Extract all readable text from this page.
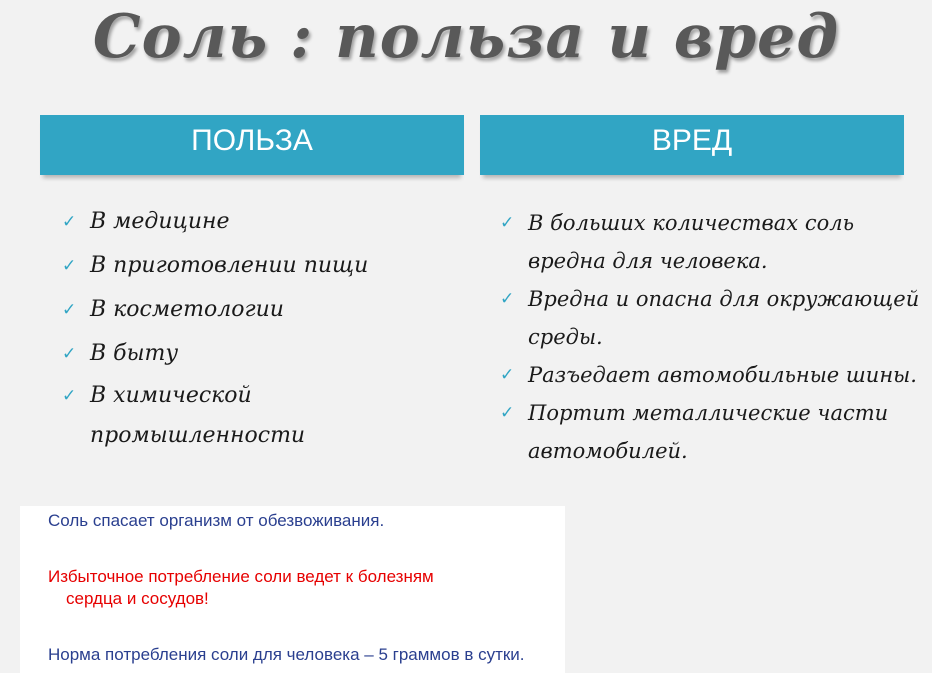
Соль : польза и вред
ПОЛЬЗА	ВРЕД
✓ В медицине
✓ В приготовлении пищи
✓ В косметологии
✓ В быту
✓ В химической промышленности
✓ В больших количествах соль вредна для человека.
✓ Вредна и опасна для окружающей среды.
✓ Разъедает автомобильные шины.
✓ Портит металлические части автомобилей.
Соль спасает организм от обезвоживания.
Избыточное потребление соли ведет к болезням
сердца и сосудов!
Норма потребления соли для человека – 5 граммов в сутки.
